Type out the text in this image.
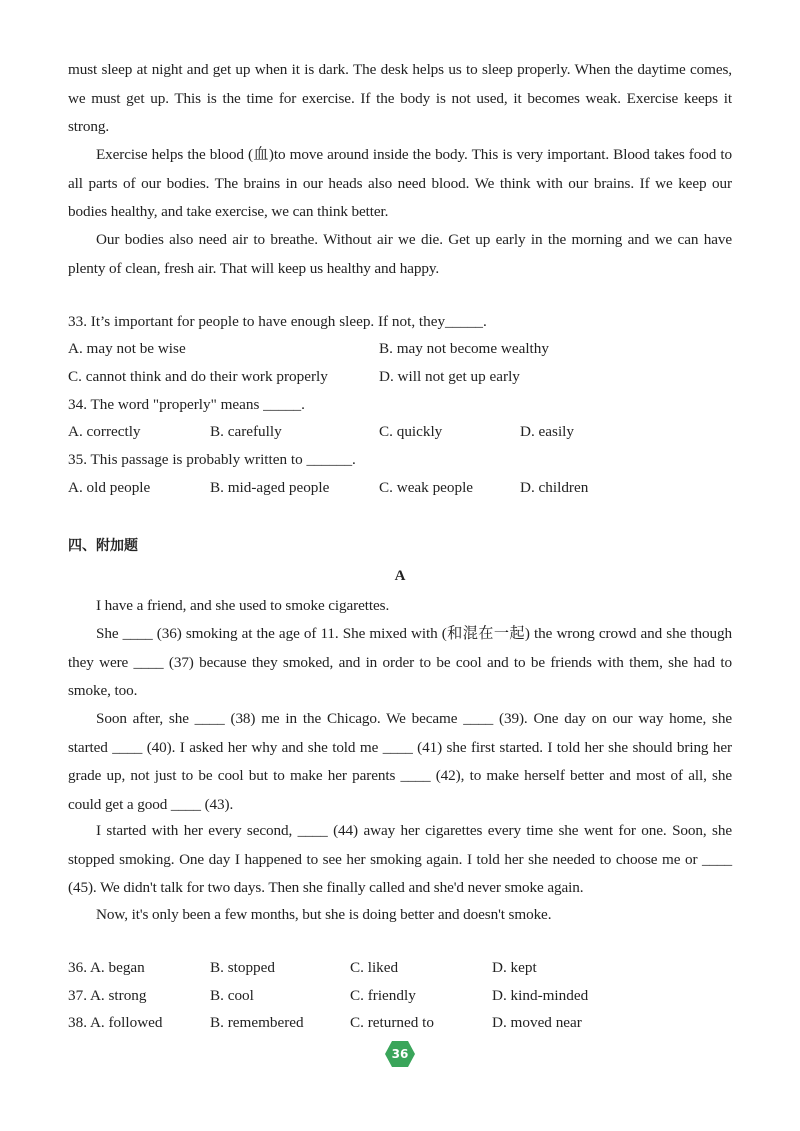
must sleep at night and get up when it is dark. The desk helps us to sleep properly. When the daytime comes, we must get up. This is the time for exercise. If the body is not used, it becomes weak. Exercise keeps it strong.

Exercise helps the blood (血)to move around inside the body. This is very important. Blood takes food to all parts of our bodies. The brains in our heads also need blood. We think with our brains. If we keep our bodies healthy, and take exercise, we can think better.

Our bodies also need air to breathe. Without air we die. Get up early in the morning and we can have plenty of clean, fresh air. That will keep us healthy and happy.

33. It’s important for people to have enough sleep. If not, they_____.

A. may not be wise	B. may not become wealthy
C. cannot think and do their work properly	D. will not get up early

34. The word "properly" means _____.

A. correctly	B. carefully	C. quickly	D. easily

35. This passage is probably written to ______.

A. old people	B. mid-aged people	C. weak people	D. children
四、附加题
A

I have a friend, and she used to smoke cigarettes.

She ____ (36) smoking at the age of 11. She mixed with (和混在一起) the wrong crowd and she though they were ____ (37) because they smoked, and in order to be cool and to be friends with them, she had to smoke, too.

Soon after, she ____ (38) me in the Chicago. We became ____ (39). One day on our way home, she started ____ (40). I asked her why and she told me ____ (41) she first started. I told her she should bring her grade up, not just to be cool but to make her parents ____ (42), to make herself better and most of all, she could get a good ____ (43).

I started with her every second, ____ (44) away her cigarettes every time she went for one. Soon, she stopped smoking. One day I happened to see her smoking again. I told her she needed to choose me or ____ (45). We didn't talk for two days. Then she finally called and she'd never smoke again.

Now, it's only been a few months, but she is doing better and doesn't smoke.

36. A. began	B. stopped	C. liked	D. kept
37. A. strong	B. cool	C. friendly	D. kind-minded
38. A. followed	B. remembered	C. returned to	D. moved near
36
